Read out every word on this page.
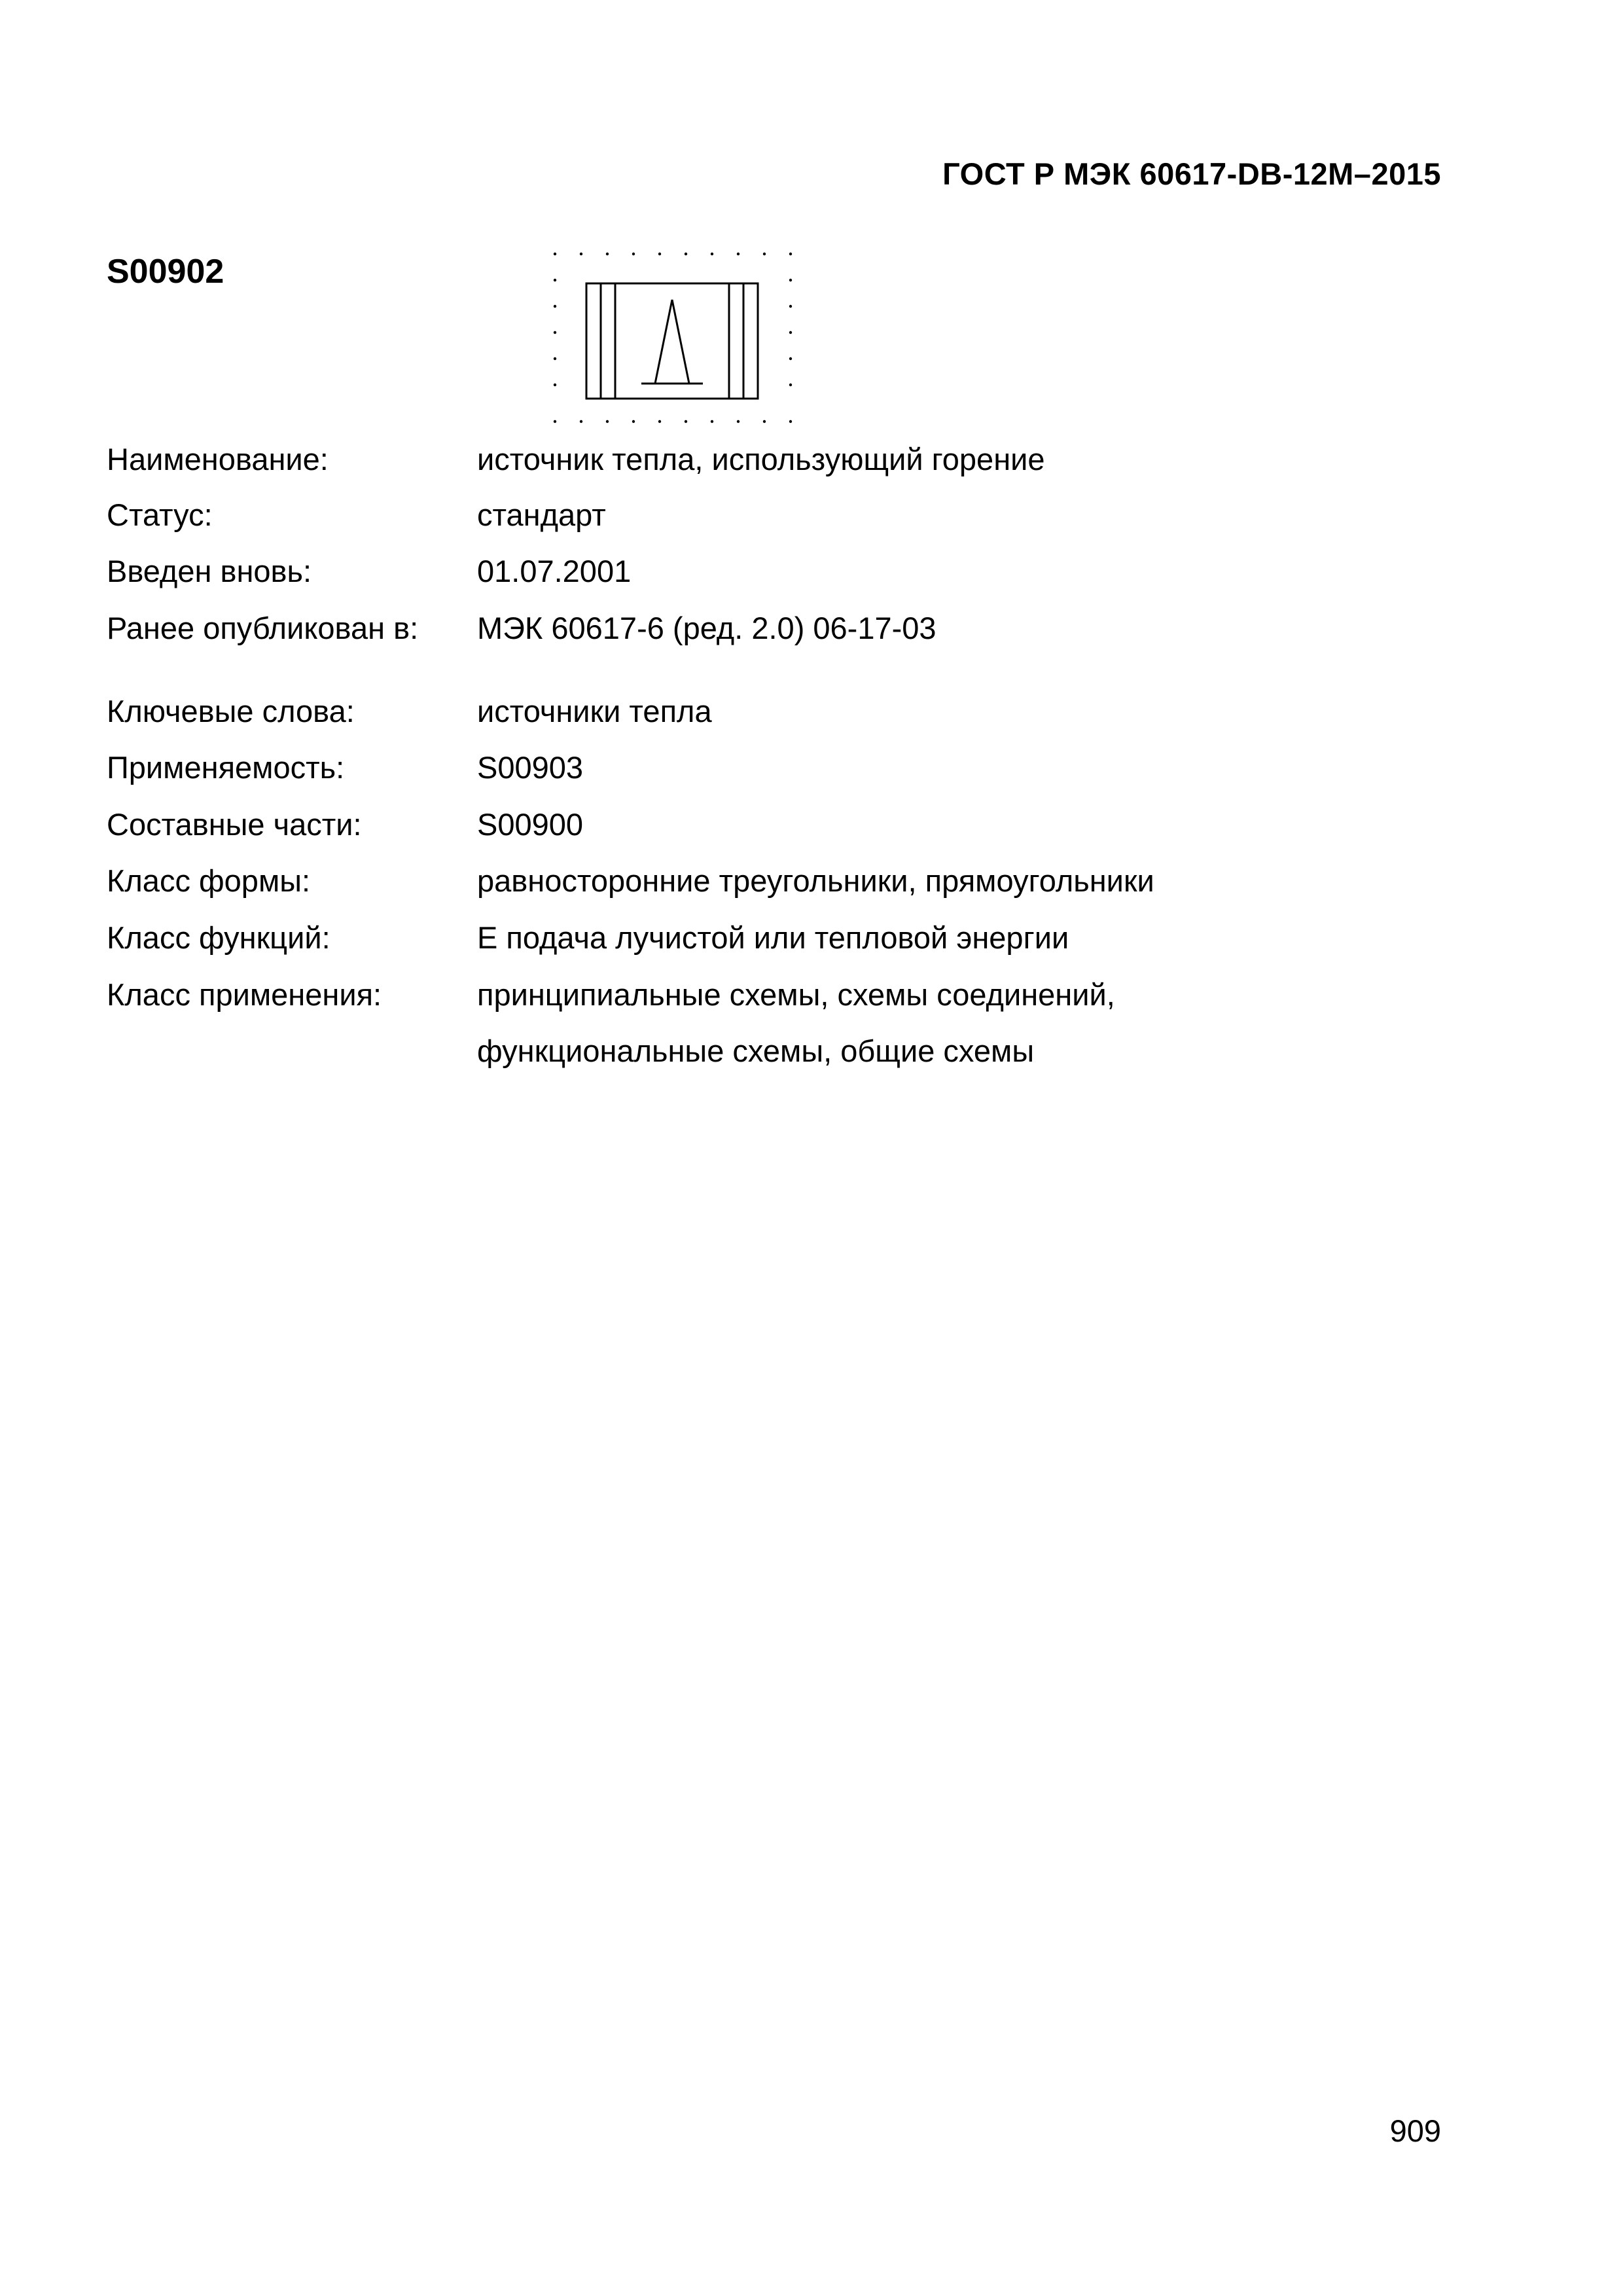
ГОСТ Р МЭК 60617-DB-12M–2015
S00902
Наименование:	источник тепла, использующий горение
Статус:	стандарт
Введен вновь:	01.07.2001
Ранее опубликован в: МЭК 60617-6 (ред. 2.0) 06-17-03
Ключевые слова:	источники тепла
Применяемость:	S00903
Составные части:	S00900
Класс формы:	равносторонние треугольники, прямоугольники
Класс функций:	Е подача лучистой или тепловой энергии
Класс применения:	принципиальные схемы, схемы соединений,
функциональные схемы, общие схемы
909
